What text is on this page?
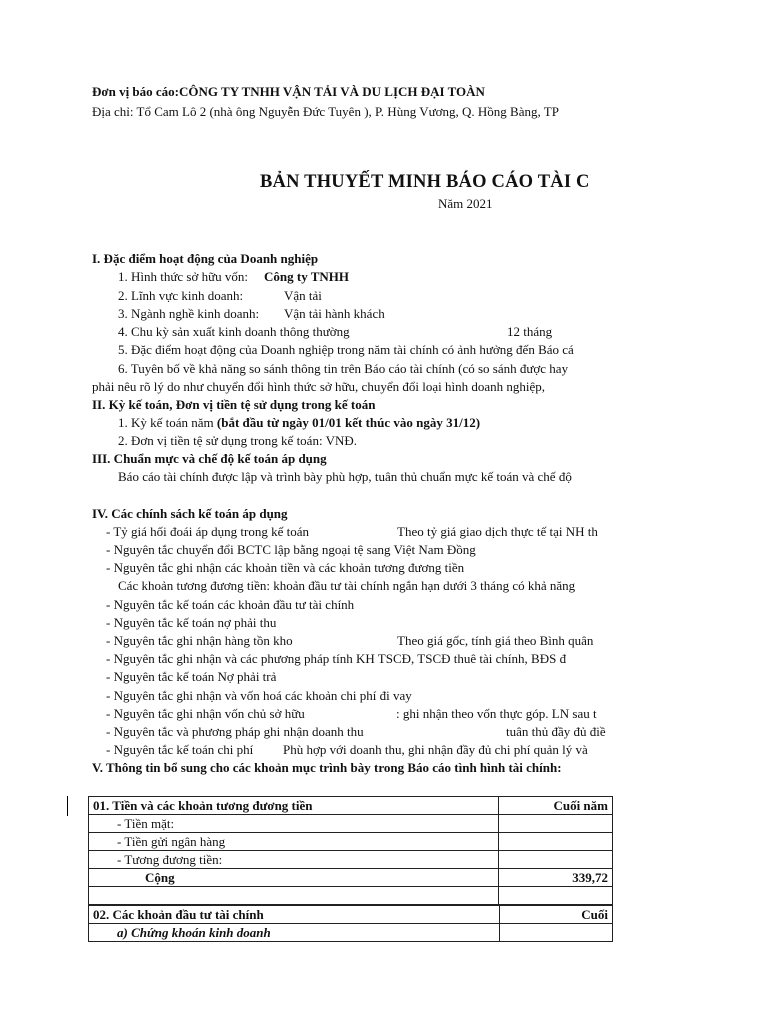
Đơn vị báo cáo:CÔNG TY TNHH VẬN TẢI VÀ DU LỊCH ĐẠI TOÀN
Địa chỉ: Tổ Cam Lô 2 (nhà ông Nguyễn Đức Tuyên ), P. Hùng Vương, Q. Hồng Bàng, TP
BẢN THUYẾT MINH BÁO CÁO TÀI C
Năm 2021
I. Đặc điểm hoạt động của Doanh nghiệp
1. Hình thức sở hữu vốn: Công ty TNHH
2. Lĩnh vực kinh doanh:	Vận tải
3. Ngành nghề kinh doanh: Vận tải hành khách
4. Chu kỳ sản xuất kinh doanh thông thường	12 tháng
5. Đặc điểm hoạt động của Doanh nghiệp trong năm tài chính có ảnh hưởng đến Báo cá
6. Tuyên bố về khả năng so sánh thông tin trên Báo cáo tài chính (có so sánh được hay
phải nêu rõ lý do như chuyển đổi hình thức sở hữu, chuyển đổi loại hình doanh nghiệp,
II. Kỳ kế toán, Đơn vị tiền tệ sử dụng trong kế toán
1. Kỳ kế toán năm (bắt đầu từ ngày 01/01 kết thúc vào ngày 31/12)
2. Đơn vị tiền tệ sử dụng trong kế toán: VNĐ.
III. Chuẩn mực và chế độ kế toán áp dụng
Báo cáo tài chính được lập và trình bày phù hợp, tuân thủ chuẩn mực kế toán và chế độ
IV. Các chính sách kế toán áp dụng
- Tỷ giá hối đoái áp dụng trong kế toán	Theo tỷ giá giao dịch thực tế tại NH th
- Nguyên tắc chuyển đổi BCTC lập bằng ngoại tệ sang Việt Nam Đồng
- Nguyên tắc ghi nhận các khoản tiền và các khoản tương đương tiền
Các khoản tương đương tiền: khoản đầu tư tài chính ngắn hạn dưới 3 tháng có khả năng
- Nguyên tắc kế toán các khoản đầu tư tài chính
- Nguyên tắc kế toán nợ phải thu
- Nguyên tắc ghi nhận hàng tồn kho	Theo giá gốc, tính giá theo Bình quân
- Nguyên tắc ghi nhận và các phương pháp tính KH TSCĐ, TSCĐ thuê tài chính, BĐS đ
- Nguyên tắc kế toán Nợ phải trả
- Nguyên tắc ghi nhận và vốn hoá các khoản chi phí đi vay
- Nguyên tắc ghi nhận vốn chủ sở hữu	: ghi nhận theo vốn thực góp. LN sau t
- Nguyên tắc và phương pháp ghi nhận doanh thu	tuân thủ đầy đủ điề
- Nguyên tắc kế toán chi phí Phù hợp với doanh thu, ghi nhận đầy đủ chi phí quản lý và
V. Thông tin bổ sung cho các khoản mục trình bày trong Báo cáo tình hình tài chính:
01. Tiền và các khoản tương đương tiền	Cuối năm
- Tiền mặt:	
- Tiền gửi ngân hàng	
- Tương đương tiền:	
Cộng	339,72

02. Các khoản đầu tư tài chính	Cuối
a) Chứng khoán kinh doanh	
